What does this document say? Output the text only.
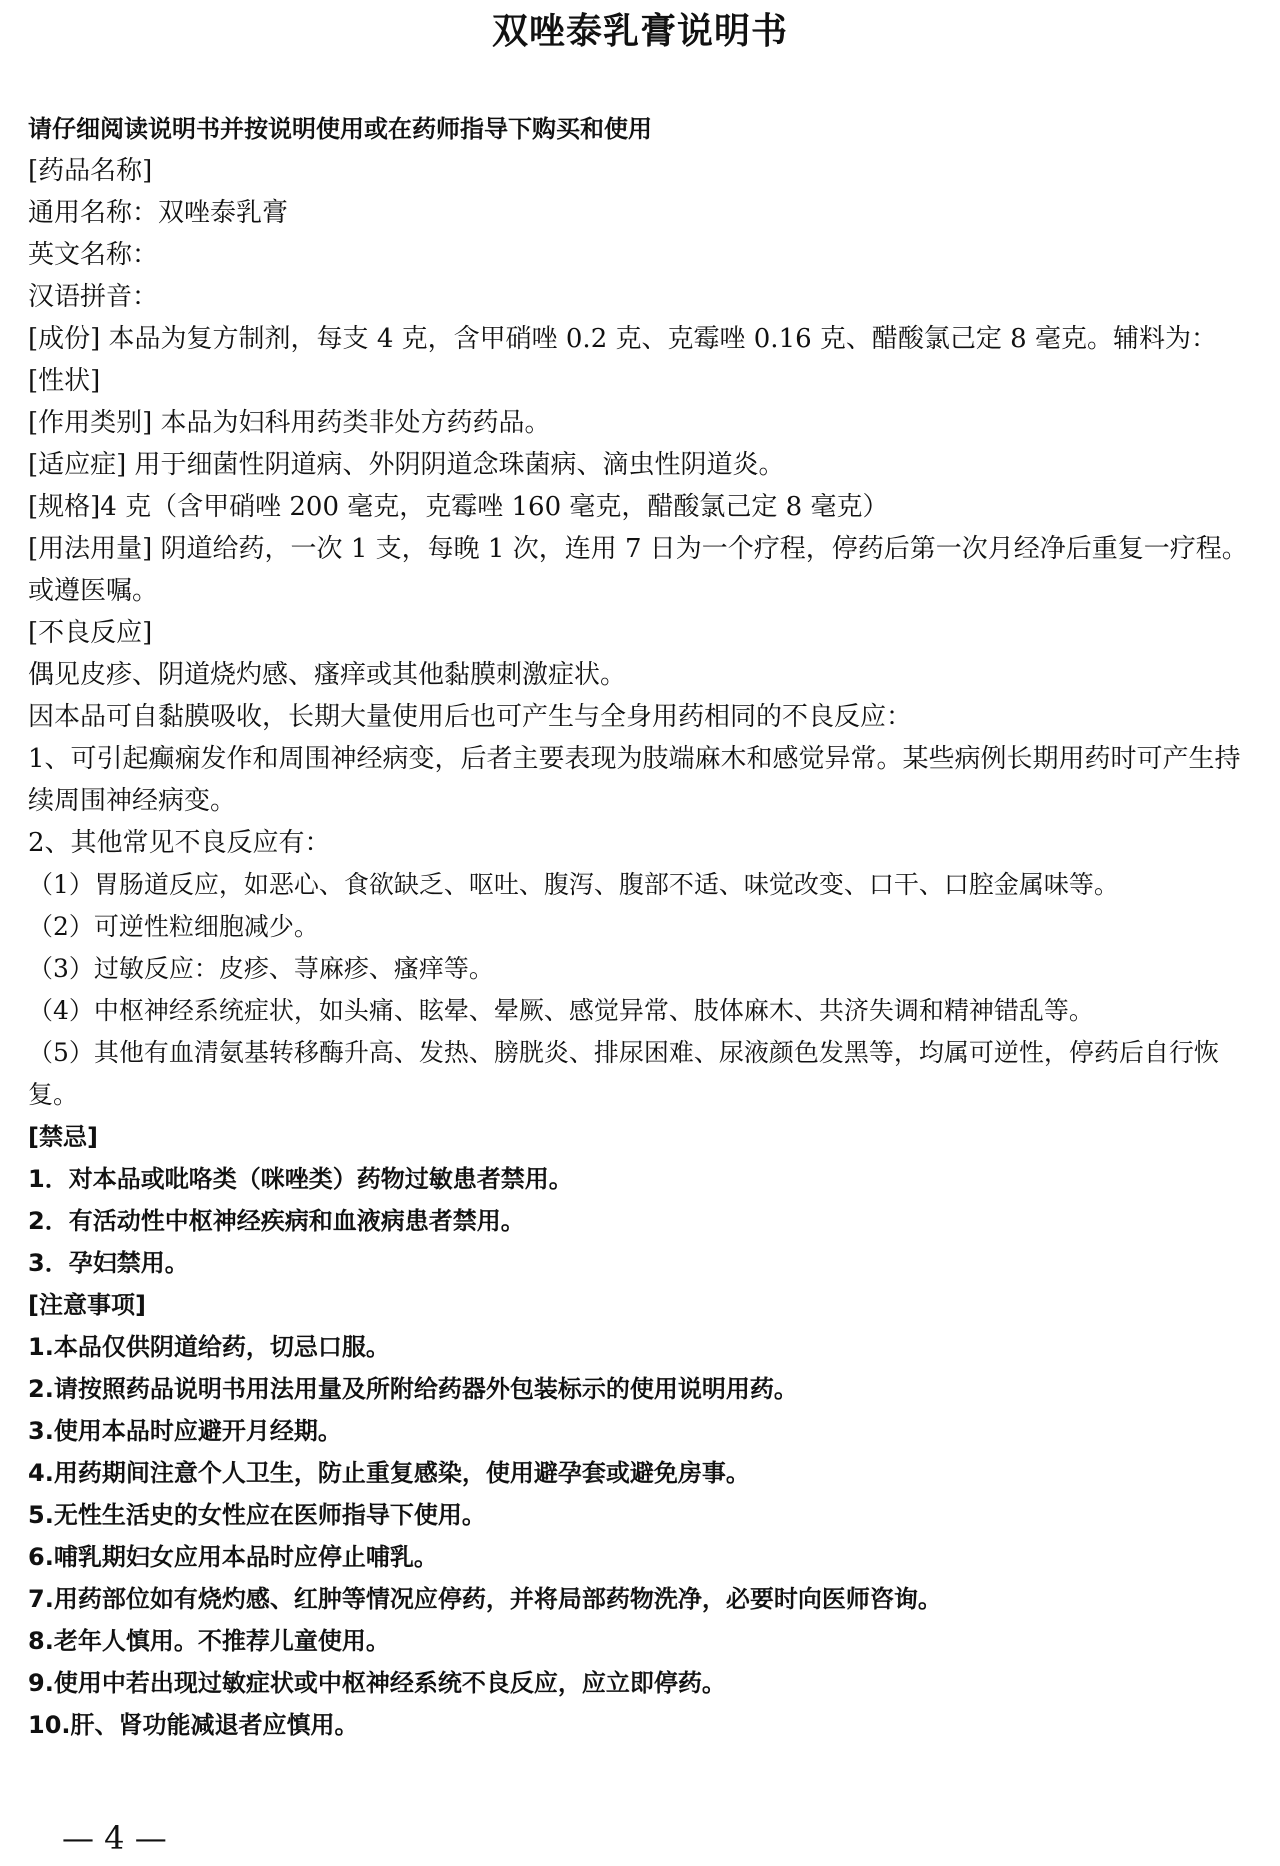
双唑泰乳膏说明书
请仔细阅读说明书并按说明使用或在药师指导下购买和使用
[药品名称]
通用名称：双唑泰乳膏
英文名称：
汉语拼音：
[成份] 本品为复方制剂，每支 4 克，含甲硝唑 0.2 克、克霉唑 0.16 克、醋酸氯己定 8 毫克。辅料为：
[性状]
[作用类别] 本品为妇科用药类非处方药药品。
[适应症] 用于细菌性阴道病、外阴阴道念珠菌病、滴虫性阴道炎。
[规格]4 克（含甲硝唑 200 毫克，克霉唑 160 毫克，醋酸氯己定 8 毫克）
[用法用量] 阴道给药，一次 1 支，每晚 1 次，连用 7 日为一个疗程，停药后第一次月经净后重复一疗程。或遵医嘱。
[不良反应]
偶见皮疹、阴道烧灼感、瘙痒或其他黏膜刺激症状。
因本品可自黏膜吸收，长期大量使用后也可产生与全身用药相同的不良反应：
1、可引起癫痫发作和周围神经病变，后者主要表现为肢端麻木和感觉异常。某些病例长期用药时可产生持续周围神经病变。
2、其他常见不良反应有：
（1）胃肠道反应，如恶心、食欲缺乏、呕吐、腹泻、腹部不适、味觉改变、口干、口腔金属味等。
（2）可逆性粒细胞减少。
（3）过敏反应：皮疹、荨麻疹、瘙痒等。
（4）中枢神经系统症状，如头痛、眩晕、晕厥、感觉异常、肢体麻木、共济失调和精神错乱等。
（5）其他有血清氨基转移酶升高、发热、膀胱炎、排尿困难、尿液颜色发黑等，均属可逆性，停药后自行恢复。
[禁忌]
1．对本品或吡咯类（咪唑类）药物过敏患者禁用。
2．有活动性中枢神经疾病和血液病患者禁用。
3．孕妇禁用。
[注意事项]
1.本品仅供阴道给药，切忌口服。
2.请按照药品说明书用法用量及所附给药器外包装标示的使用说明用药。
3.使用本品时应避开月经期。
4.用药期间注意个人卫生，防止重复感染，使用避孕套或避免房事。
5.无性生活史的女性应在医师指导下使用。
6.哺乳期妇女应用本品时应停止哺乳。
7.用药部位如有烧灼感、红肿等情况应停药，并将局部药物洗净，必要时向医师咨询。
8.老年人慎用。不推荐儿童使用。
9.使用中若出现过敏症状或中枢神经系统不良反应，应立即停药。
10.肝、肾功能减退者应慎用。
— 4 —
